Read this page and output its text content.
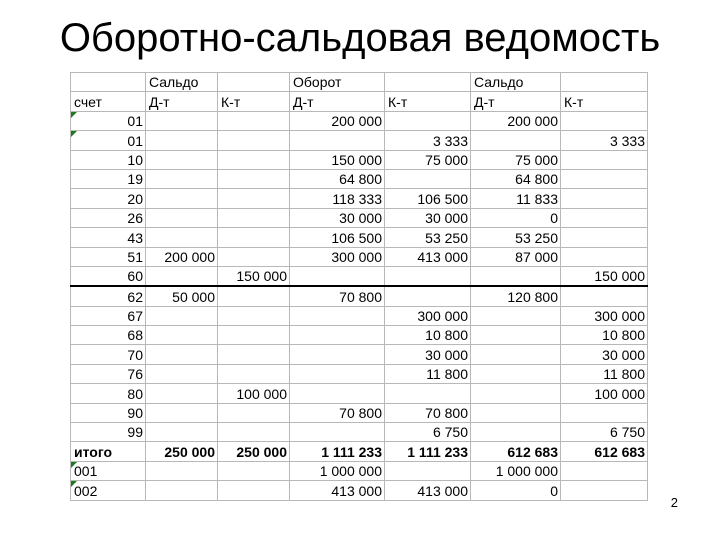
Оборотно-сальдовая ведомость
	Сальдо		Оборот		Сальдо	
счет	Д-т	К-т	Д-т	К-т	Д-т	К-т

01			200 000		200 000	

01				3 333		3 333
10			150 000	75 000	75 000	
19			64 800		64 800	
20			118 333	106 500	11 833	
26			30 000	30 000	0	
43			106 500	53 250	53 250	
51	200 000		300 000	413 000	87 000	
60		150 000				150 000
62	50 000		70 800		120 800	
67				300 000		300 000
68				10 800		10 800
70				30 000		30 000
76				11 800		11 800
80		100 000				100 000
90			70 800	70 800		
99				6 750		6 750
итого	250 000	250 000	1 111 233	1 111 233	612 683	612 683

001			1 000 000		1 000 000	

002			413 000	413 000	0	
2
